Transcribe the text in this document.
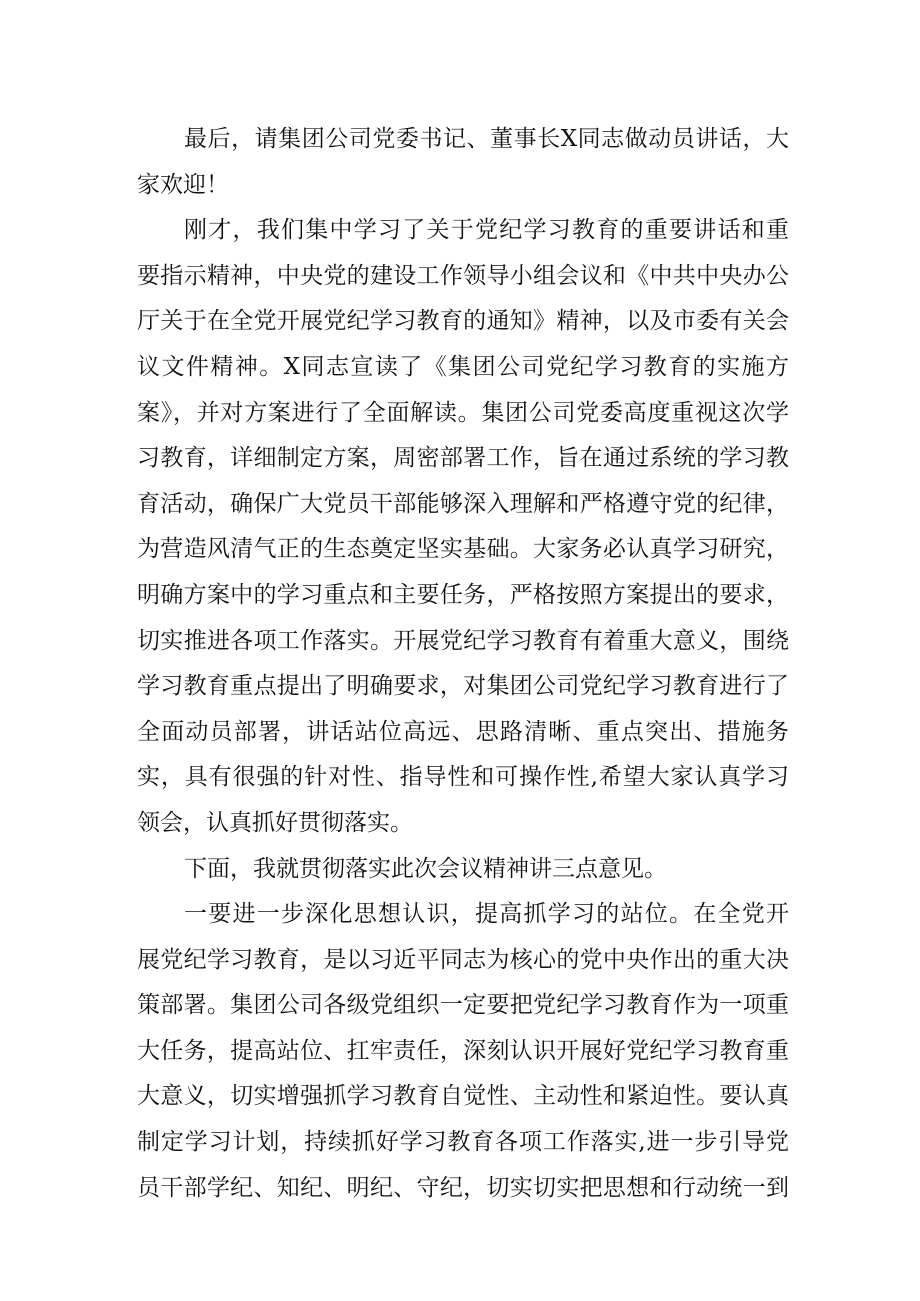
最后，请集团公司党委书记、董事长X同志做动员讲话，大
家欢迎！
刚才，我们集中学习了关于党纪学习教育的重要讲话和重
要指示精神，中央党的建设工作领导小组会议和《中共中央办公
厅关于在全党开展党纪学习教育的通知》精神，以及市委有关会
议文件精神。X同志宣读了《集团公司党纪学习教育的实施方
案》，并对方案进行了全面解读。集团公司党委高度重视这次学
习教育，详细制定方案，周密部署工作，旨在通过系统的学习教
育活动，确保广大党员干部能够深入理解和严格遵守党的纪律，
为营造风清气正的生态奠定坚实基础。大家务必认真学习研究，
明确方案中的学习重点和主要任务，严格按照方案提出的要求，
切实推进各项工作落实。开展党纪学习教育有着重大意义，围绕
学习教育重点提出了明确要求，对集团公司党纪学习教育进行了
全面动员部署，讲话站位高远、思路清晰、重点突出、措施务
实，具有很强的针对性、指导性和可操作性,希望大家认真学习
领会，认真抓好贯彻落实。
下面，我就贯彻落实此次会议精神讲三点意见。
一要进一步深化思想认识，提高抓学习的站位。在全党开
展党纪学习教育，是以习近平同志为核心的党中央作出的重大决
策部署。集团公司各级党组织一定要把党纪学习教育作为一项重
大任务，提高站位、扛牢责任，深刻认识开展好党纪学习教育重
大意义，切实增强抓学习教育自觉性、主动性和紧迫性。要认真
制定学习计划，持续抓好学习教育各项工作落实,进一步引导党
员干部学纪、知纪、明纪、守纪，切实切实把思想和行动统一到
